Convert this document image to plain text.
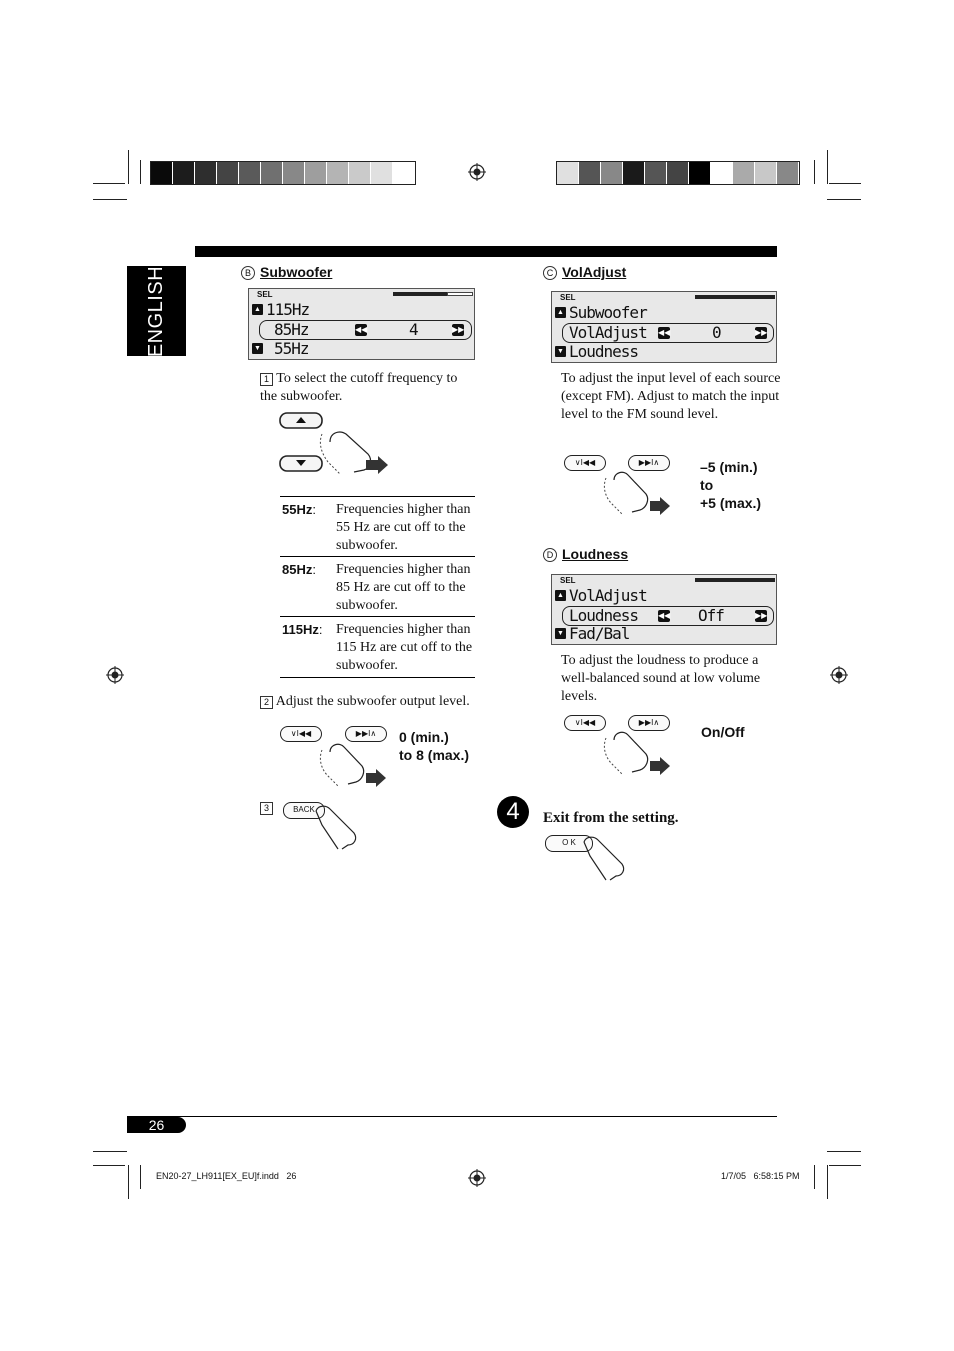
ENGLISH	B Subwoofer
SEL
▲ 115Hz
85Hz	◀◀	4	▶▶
▼ 55Hz
1 To select the cutoff frequency to the subwoofer.
55Hz: Frequencies higher than 55 Hz are cut off to the subwoofer.
85Hz: Frequencies higher than 85 Hz are cut off to the subwoofer.
115Hz: Frequencies higher than 115 Hz are cut off to the subwoofer.
2 Adjust the subwoofer output level.
∨I◀◀	▶▶I∧	0 (min.)
to 8 (max.)
3	BACK
C VolAdjust
SEL
▲ Subwoofer
VolAdjust ◀◀	0	▶▶
▼ Loudness
To adjust the input level of each source (except FM). Adjust to match the input level to the FM sound level.
∨I◀◀	▶▶I∧	–5 (min.)
to
+5 (max.)
D Loudness
SEL
▲ VolAdjust
Loudness ◀◀ Off	▶▶
▼ Fad/Bal
To adjust the loudness to produce a well-balanced sound at low volume levels.
∨I◀◀	▶▶I∧
On/Off
4	Exit from the setting.
O K
26
EN20-27_LH911[EX_EU]f.indd   26	1/7/05   6:58:15 PM
